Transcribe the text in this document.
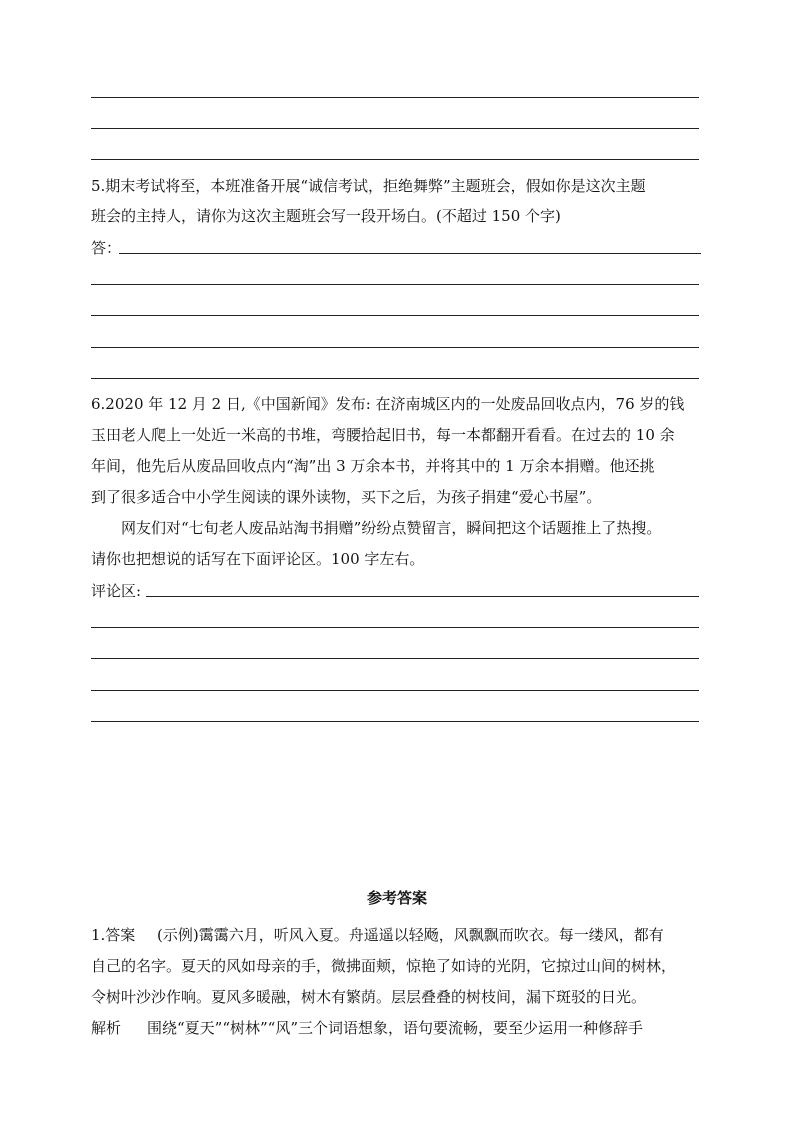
5.期末考试将至，本班准备开展“诚信考试，拒绝舞弊”主题班会，假如你是这次主题
班会的主持人，请你为这次主题班会写一段开场白。(不超过 150 个字)
答：
6.2020 年 12 月 2 日,《中国新闻》发布: 在济南城区内的一处废品回收点内，76 岁的钱
玉田老人爬上一处近一米高的书堆，弯腰拾起旧书，每一本都翻开看看。在过去的 10 余
年间，他先后从废品回收点内“淘”出 3 万余本书，并将其中的 1 万余本捐赠。他还挑
到了很多适合中小学生阅读的课外读物，买下之后，为孩子捐建“爱心书屋”。
网友们对“七旬老人废品站淘书捐赠”纷纷点赞留言，瞬间把这个话题推上了热搜。
请你也把想说的话写在下面评论区。100 字左右。
评论区:
参考答案
1.答案 (示例)霭霭六月，听风入夏。舟遥遥以轻飏，风飘飘而吹衣。每一缕风，都有
自己的名字。夏天的风如母亲的手，微拂面颊，惊艳了如诗的光阴，它掠过山间的树林，
令树叶沙沙作响。夏风多暖融，树木有繁荫。层层叠叠的树枝间，漏下斑驳的日光。
解析 围绕“夏天”“树林”“风”三个词语想象，语句要流畅，要至少运用一种修辞手
